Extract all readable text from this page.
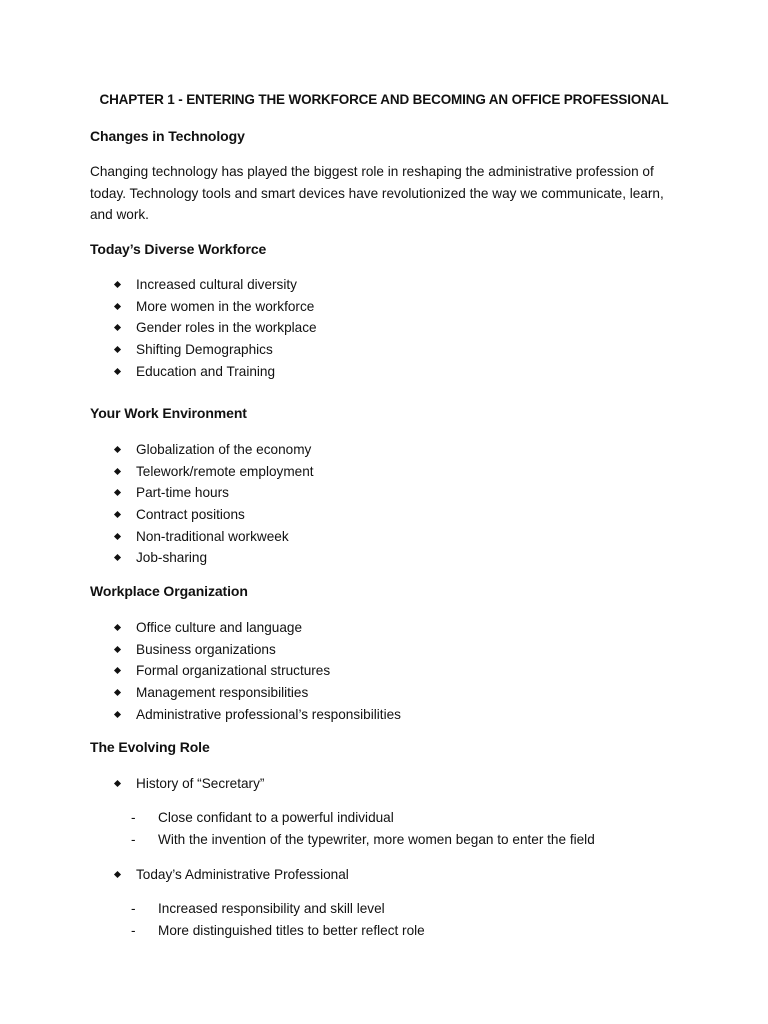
CHAPTER 1 - ENTERING THE WORKFORCE AND BECOMING AN OFFICE PROFESSIONAL
Changes in Technology
Changing technology has played the biggest role in reshaping the administrative profession of today. Technology tools and smart devices have revolutionized the way we communicate, learn, and work.
Today’s Diverse Workforce
Increased cultural diversity
More women in the workforce
Gender roles in the workplace
Shifting Demographics
Education and Training
Your Work Environment
Globalization of the economy
Telework/remote employment
Part-time hours
Contract positions
Non-traditional workweek
Job-sharing
Workplace Organization
Office culture and language
Business organizations
Formal organizational structures
Management responsibilities
Administrative professional’s responsibilities
The Evolving Role
History of “Secretary”
- Close confidant to a powerful individual
- With the invention of the typewriter, more women began to enter the field
Today’s Administrative Professional
- Increased responsibility and skill level
- More distinguished titles to better reflect role
